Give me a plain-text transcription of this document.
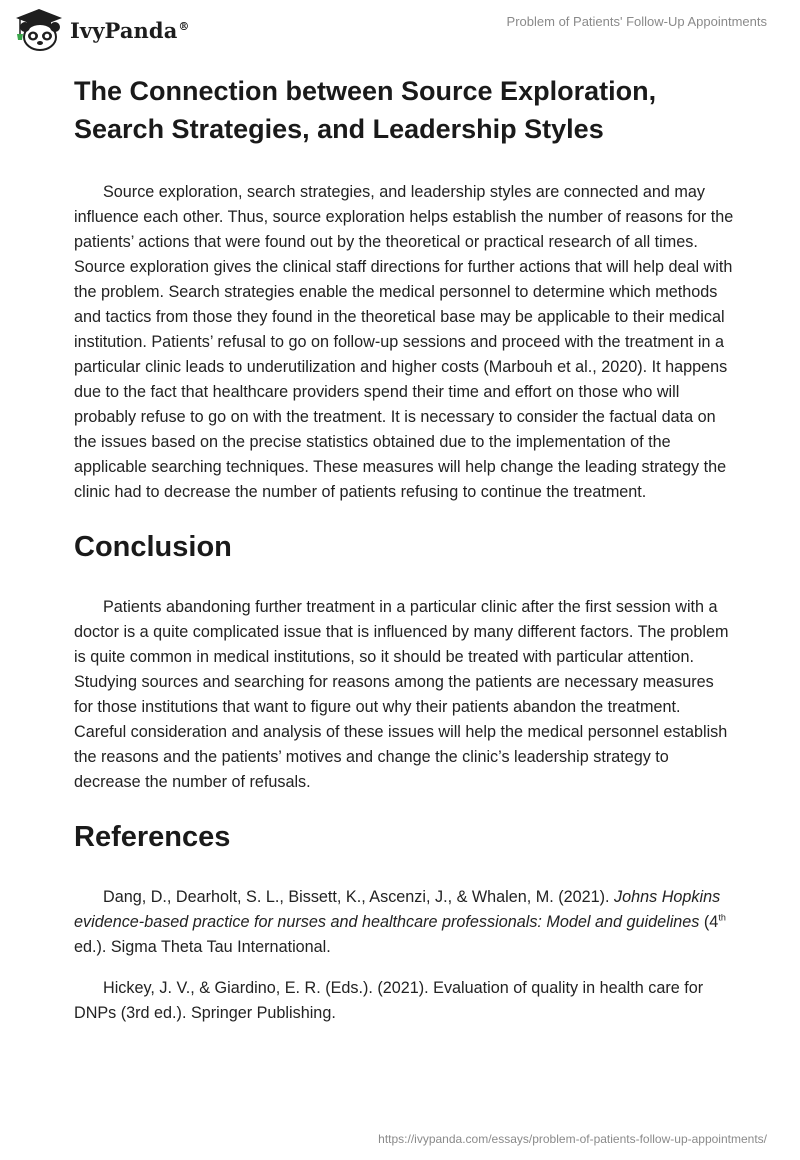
IvyPanda®	Problem of Patients' Follow-Up Appointments
The Connection between Source Exploration, Search Strategies, and Leadership Styles

Source exploration, search strategies, and leadership styles are connected and may influence each other. Thus, source exploration helps establish the number of reasons for the patients’ actions that were found out by the theoretical or practical research of all times. Source exploration gives the clinical staff directions for further actions that will help deal with the problem. Search strategies enable the medical personnel to determine which methods and tactics from those they found in the theoretical base may be applicable to their medical institution. Patients’ refusal to go on follow-up sessions and proceed with the treatment in a particular clinic leads to underutilization and higher costs (Marbouh et al., 2020). It happens due to the fact that healthcare providers spend their time and effort on those who will probably refuse to go on with the treatment. It is necessary to consider the factual data on the issues based on the precise statistics obtained due to the implementation of the applicable searching techniques. These measures will help change the leading strategy the clinic had to decrease the number of patients refusing to continue the treatment.

Conclusion

Patients abandoning further treatment in a particular clinic after the first session with a doctor is a quite complicated issue that is influenced by many different factors. The problem is quite common in medical institutions, so it should be treated with particular attention. Studying sources and searching for reasons among the patients are necessary measures for those institutions that want to figure out why their patients abandon the treatment. Careful consideration and analysis of these issues will help the medical personnel establish the reasons and the patients’ motives and change the clinic’s leadership strategy to decrease the number of refusals.

References

Dang, D., Dearholt, S. L., Bissett, K., Ascenzi, J., & Whalen, M. (2021). Johns Hopkins evidence-based practice for nurses and healthcare professionals: Model and guidelines (4th ed.). Sigma Theta Tau International.

Hickey, J. V., & Giardino, E. R. (Eds.). (2021). Evaluation of quality in health care for DNPs (3rd ed.). Springer Publishing.

https://ivypanda.com/essays/problem-of-patients-follow-up-appointments/
